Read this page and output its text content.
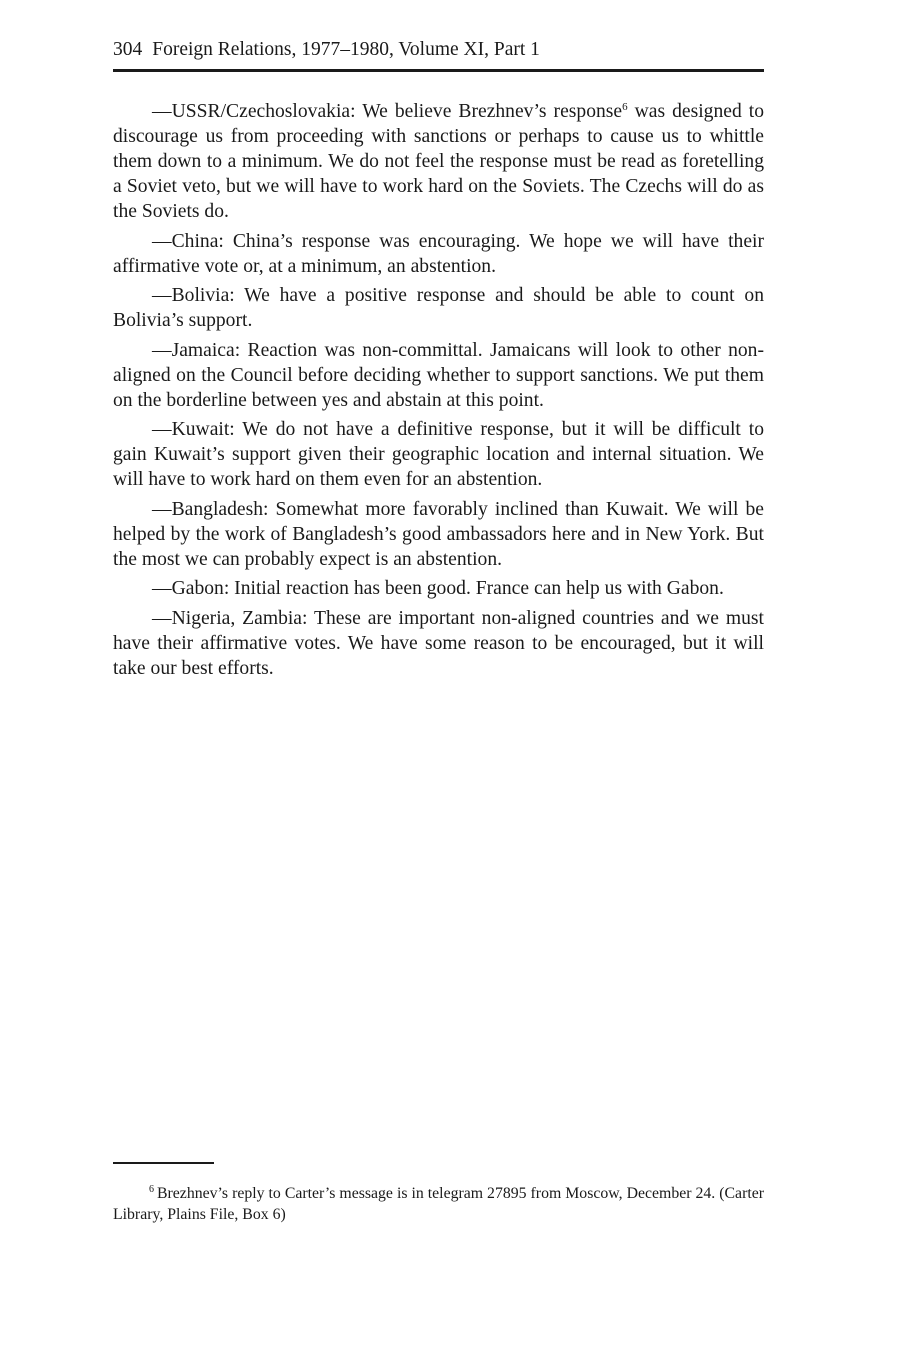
304 Foreign Relations, 1977–1980, Volume XI, Part 1

—USSR/Czechoslovakia: We believe Brezhnev’s response$^6$ was designed to discourage us from proceeding with sanctions or perhaps to cause us to whittle them down to a minimum. We do not feel the response must be read as foretelling a Soviet veto, but we will have to work hard on the Soviets. The Czechs will do as the Soviets do.

—China: China’s response was encouraging. We hope we will have their affirmative vote or, at a minimum, an abstention.

—Bolivia: We have a positive response and should be able to count on Bolivia’s support.

—Jamaica: Reaction was non-committal. Jamaicans will look to other non-aligned on the Council before deciding whether to support sanctions. We put them on the borderline between yes and abstain at this point.

—Kuwait: We do not have a definitive response, but it will be difficult to gain Kuwait’s support given their geographic location and internal situation. We will have to work hard on them even for an abstention.

—Bangladesh: Somewhat more favorably inclined than Kuwait. We will be helped by the work of Bangladesh’s good ambassadors here and in New York. But the most we can probably expect is an abstention.

—Gabon: Initial reaction has been good. France can help us with Gabon.

—Nigeria, Zambia: These are important non-aligned countries and we must have their affirmative votes. We have some reason to be encouraged, but it will take our best efforts.

$^6$ Brezhnev’s reply to Carter’s message is in telegram 27895 from Moscow, December 24. (Carter Library, Plains File, Box 6)
